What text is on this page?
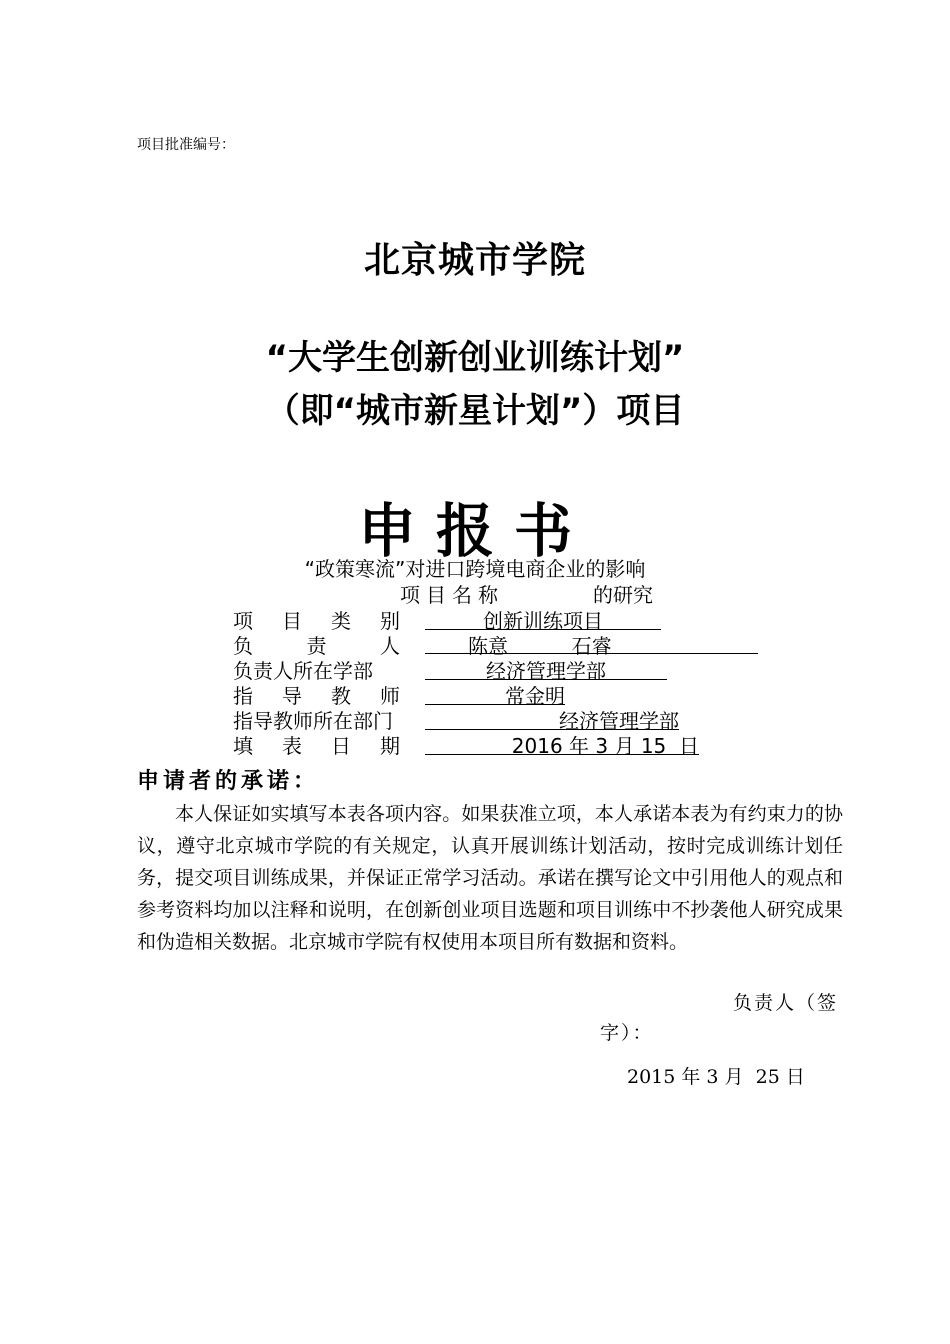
项目批准编号：
北京城市学院
“大学生创新创业训练计划”
（即“城市新星计划”）项目
申报书
“政策寒流”对进口跨境电商企业的影响
项目名称	的研究
项 目 类 别	创新训练项目
负	责	人	陈意          石睿
负责人所在学部	经济管理学部
指 导 教 师	常金明
指导教师所在部门	经济管理学部
填 表 日 期	2016 年 3 月 15  日
申请者的承诺：
本人保证如实填写本表各项内容。如果获准立项，本人承诺本表为有约束力的协议，遵守北京城市学院的有关规定，认真开展训练计划活动，按时完成训练计划任务，提交项目训练成果，并保证正常学习活动。承诺在撰写论文中引用他人的观点和参考资料均加以注释和说明，在创新创业项目选题和项目训练中不抄袭他人研究成果和伪造相关数据。北京城市学院有权使用本项目所有数据和资料。
负责人（签
字）：
2015 年 3 月  25 日
